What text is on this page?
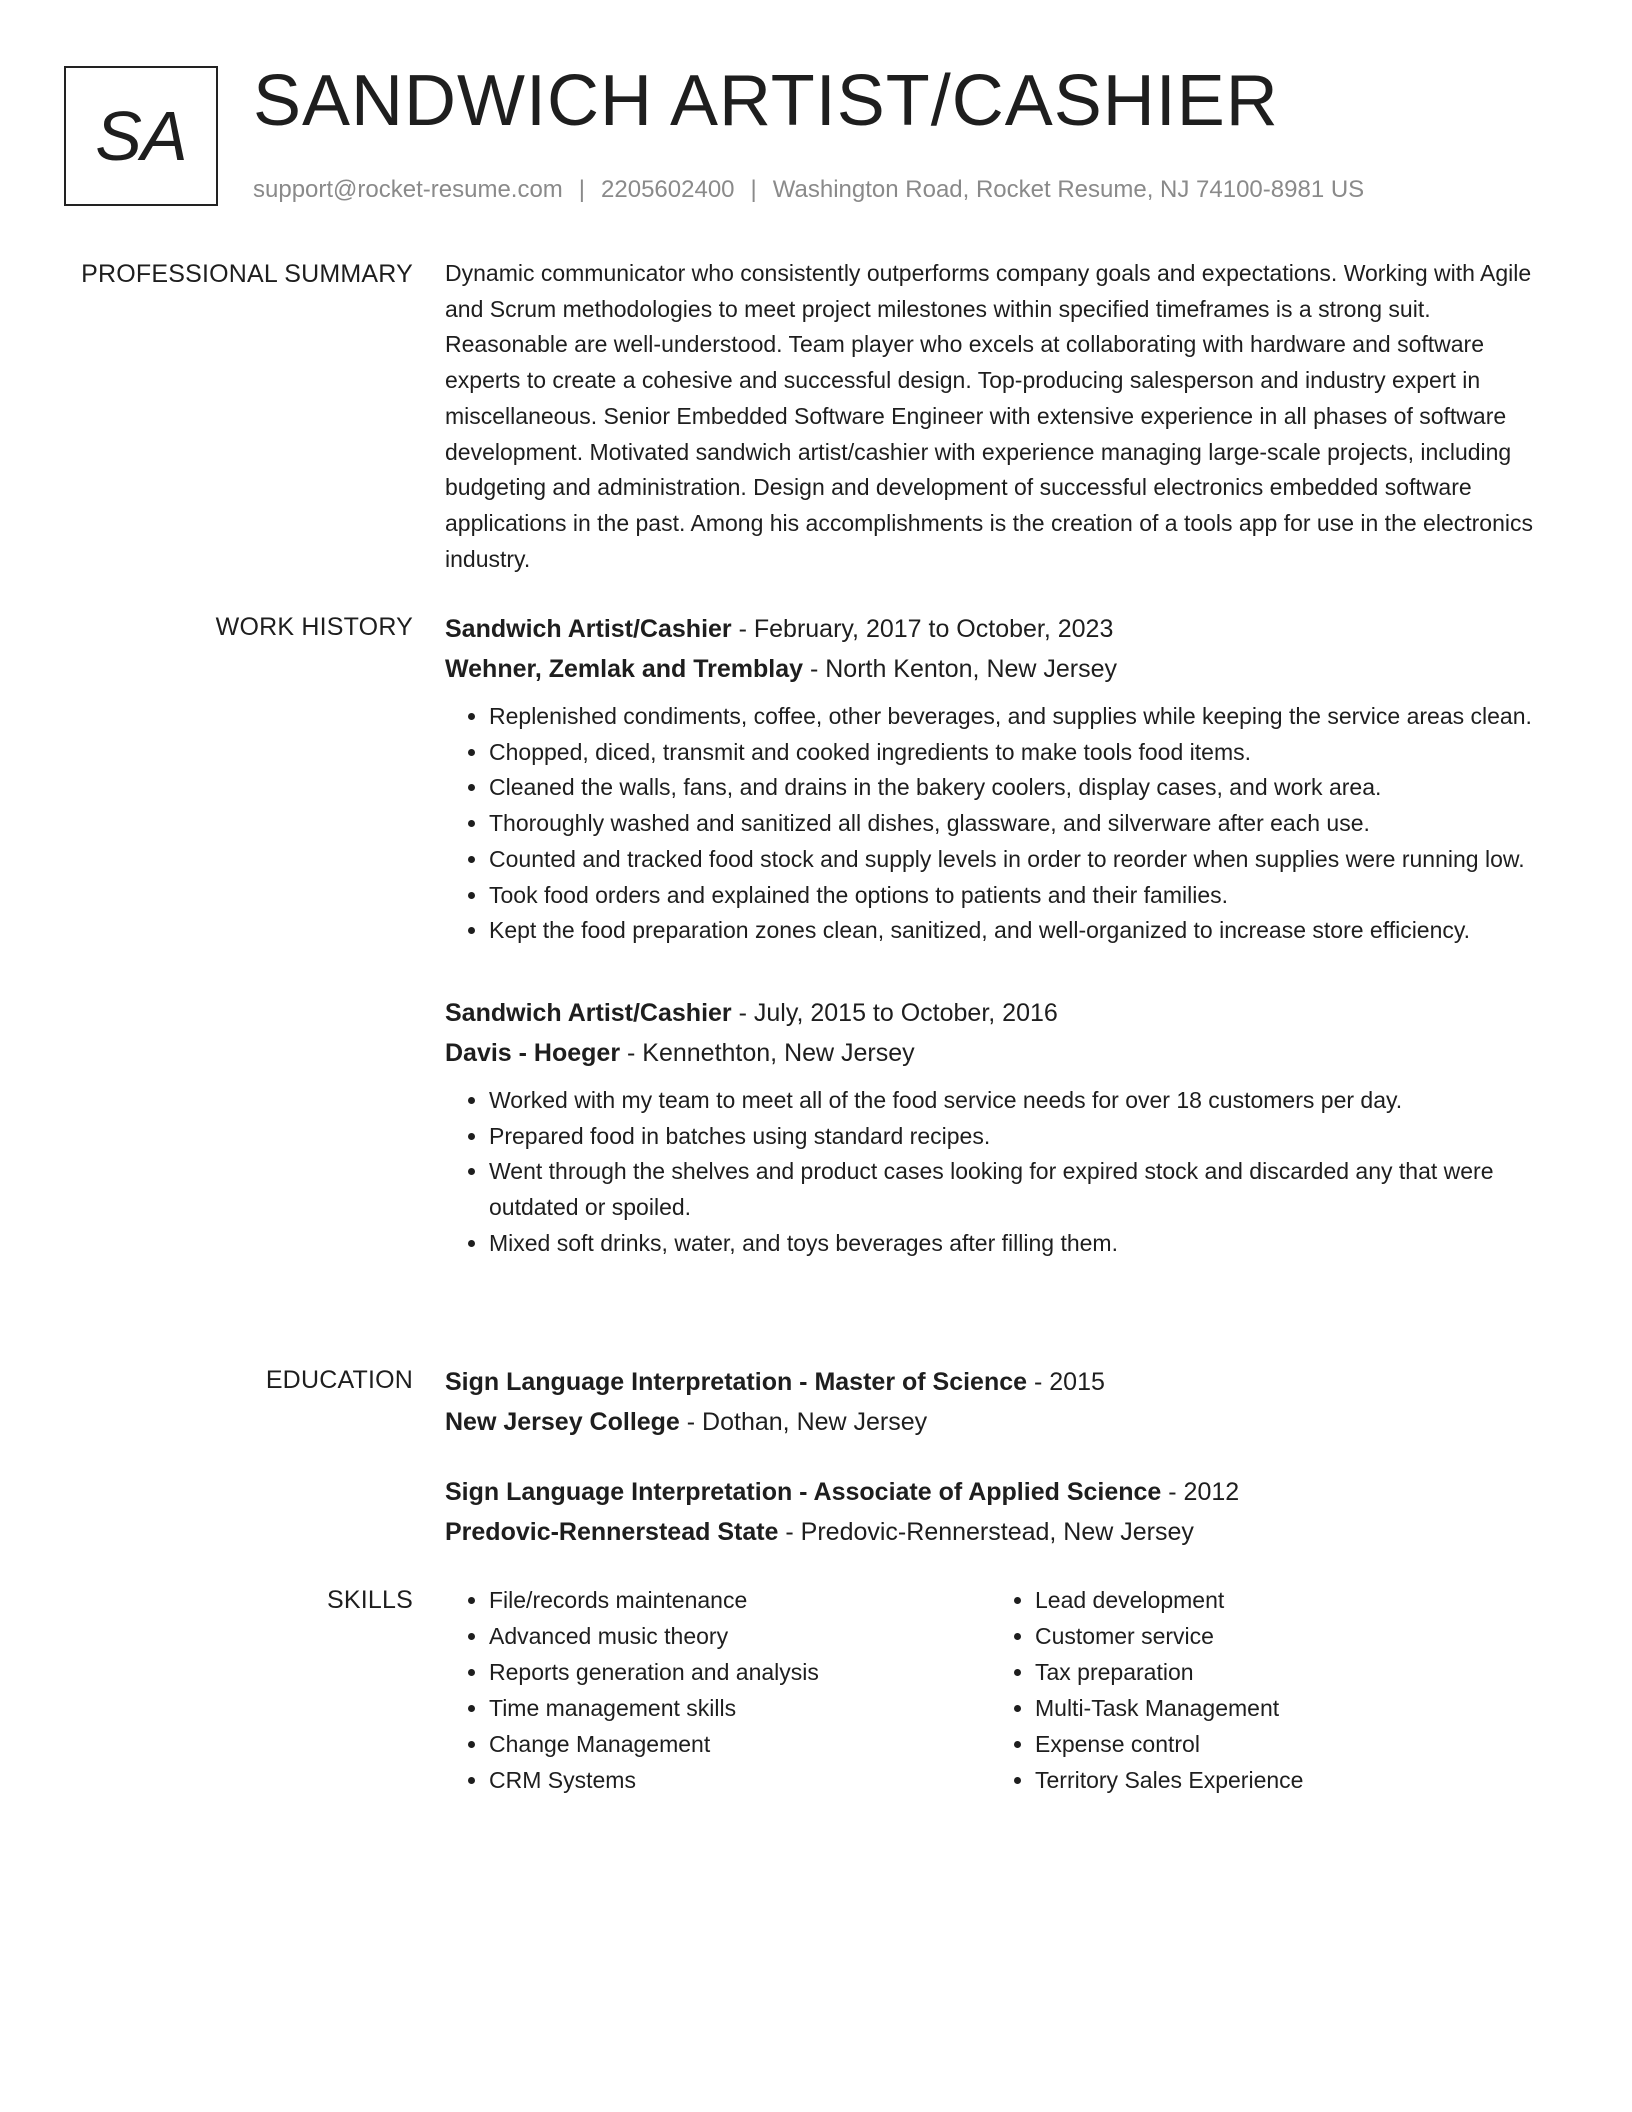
SA SANDWICH ARTIST/CASHIER
support@rocket-resume.com | 2205602400 | Washington Road, Rocket Resume, NJ 74100-8981 US
PROFESSIONAL SUMMARY Dynamic communicator who consistently outperforms company goals and expectations. Working with Agile and Scrum methodologies to meet project milestones within specified timeframes is a strong suit. Reasonable are well-understood. Team player who excels at collaborating with hardware and software experts to create a cohesive and successful design. Top-producing salesperson and industry expert in miscellaneous. Senior Embedded Software Engineer with extensive experience in all phases of software development. Motivated sandwich artist/cashier with experience managing large-scale projects, including budgeting and administration. Design and development of successful electronics embedded software applications in the past. Among his accomplishments is the creation of a tools app for use in the electronics industry.

WORK HISTORY Sandwich Artist/Cashier - February, 2017 to October, 2023
Wehner, Zemlak and Tremblay - North Kenton, New Jersey
• Replenished condiments, coffee, other beverages, and supplies while keeping the service areas clean.
• Chopped, diced, transmit and cooked ingredients to make tools food items.
• Cleaned the walls, fans, and drains in the bakery coolers, display cases, and work area.
• Thoroughly washed and sanitized all dishes, glassware, and silverware after each use.
• Counted and tracked food stock and supply levels in order to reorder when supplies were running low.
• Took food orders and explained the options to patients and their families.
• Kept the food preparation zones clean, sanitized, and well-organized to increase store efficiency.
Sandwich Artist/Cashier - July, 2015 to October, 2016
Davis - Hoeger - Kennethton, New Jersey
• Worked with my team to meet all of the food service needs for over 18 customers per day.
• Prepared food in batches using standard recipes.
• Went through the shelves and product cases looking for expired stock and discarded any that were outdated or spoiled.
• Mixed soft drinks, water, and toys beverages after filling them.
EDUCATION Sign Language Interpretation - Master of Science - 2015
New Jersey College - Dothan, New Jersey
Sign Language Interpretation - Associate of Applied Science - 2012
Predovic-Rennerstead State - Predovic-Rennerstead, New Jersey
SKILLS
•	File/records maintenance
• Advanced music theory
• Reports generation and analysis
• Time management skills
• Change Management
• CRM Systems
• Lead development
• Customer service
• Tax preparation
• Multi-Task Management
• Expense control
• Territory Sales Experience
